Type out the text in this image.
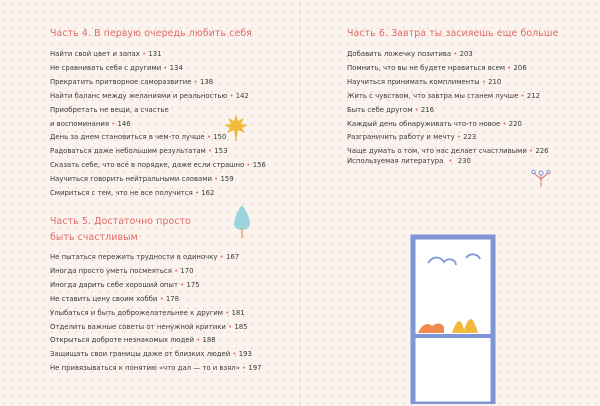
Часть 4. В первую очередь любить себя
Найти свой цвет и запах • 131
Не сравнивать себя с другими • 134
Прекратить притворное саморазвитие • 138
Найти баланс между желаниями и реальностью • 142
Приобретать не вещи, а счастье
и воспоминания • 146
День за днем становиться в чем-то лучше • 150
Радоваться даже небольшим результатам • 153
Сказать себе, что всё в порядке, даже если страшно • 156
Научиться говорить нейтральными словами • 159
Смириться с тем, что не все получится • 162
Часть 5. Достаточно просто
быть счастливым
Не пытаться пережить трудности в одиночку • 167
Иногда просто уметь посмеяться • 170
Иногда дарить себе хороший опыт • 175
Не ставить цену своим хобби • 178
Улыбаться и быть доброжелательнее к другим • 181
Отделить важные советы от ненужной критики • 185
Открыться доброте незнакомых людей • 188
Защищать свои границы даже от близких людей • 193
Не привязываться к понятию «что дал — то и взял» • 197
Часть 6. Завтра ты засияешь еще больше
Добавить ложечку позитива • 203
Помнить, что вы не будете нравиться всем • 206
Научиться принимать комплименты • 210
Жить с чувством, что завтра мы станем лучше • 212
Быть себе другом • 216
Каждый день обнаруживать что-то новое • 220
Разграничить работу и мечту • 223
Чаще думать о том, что нас делает счастливыми • 226
Используемая литература • 230
